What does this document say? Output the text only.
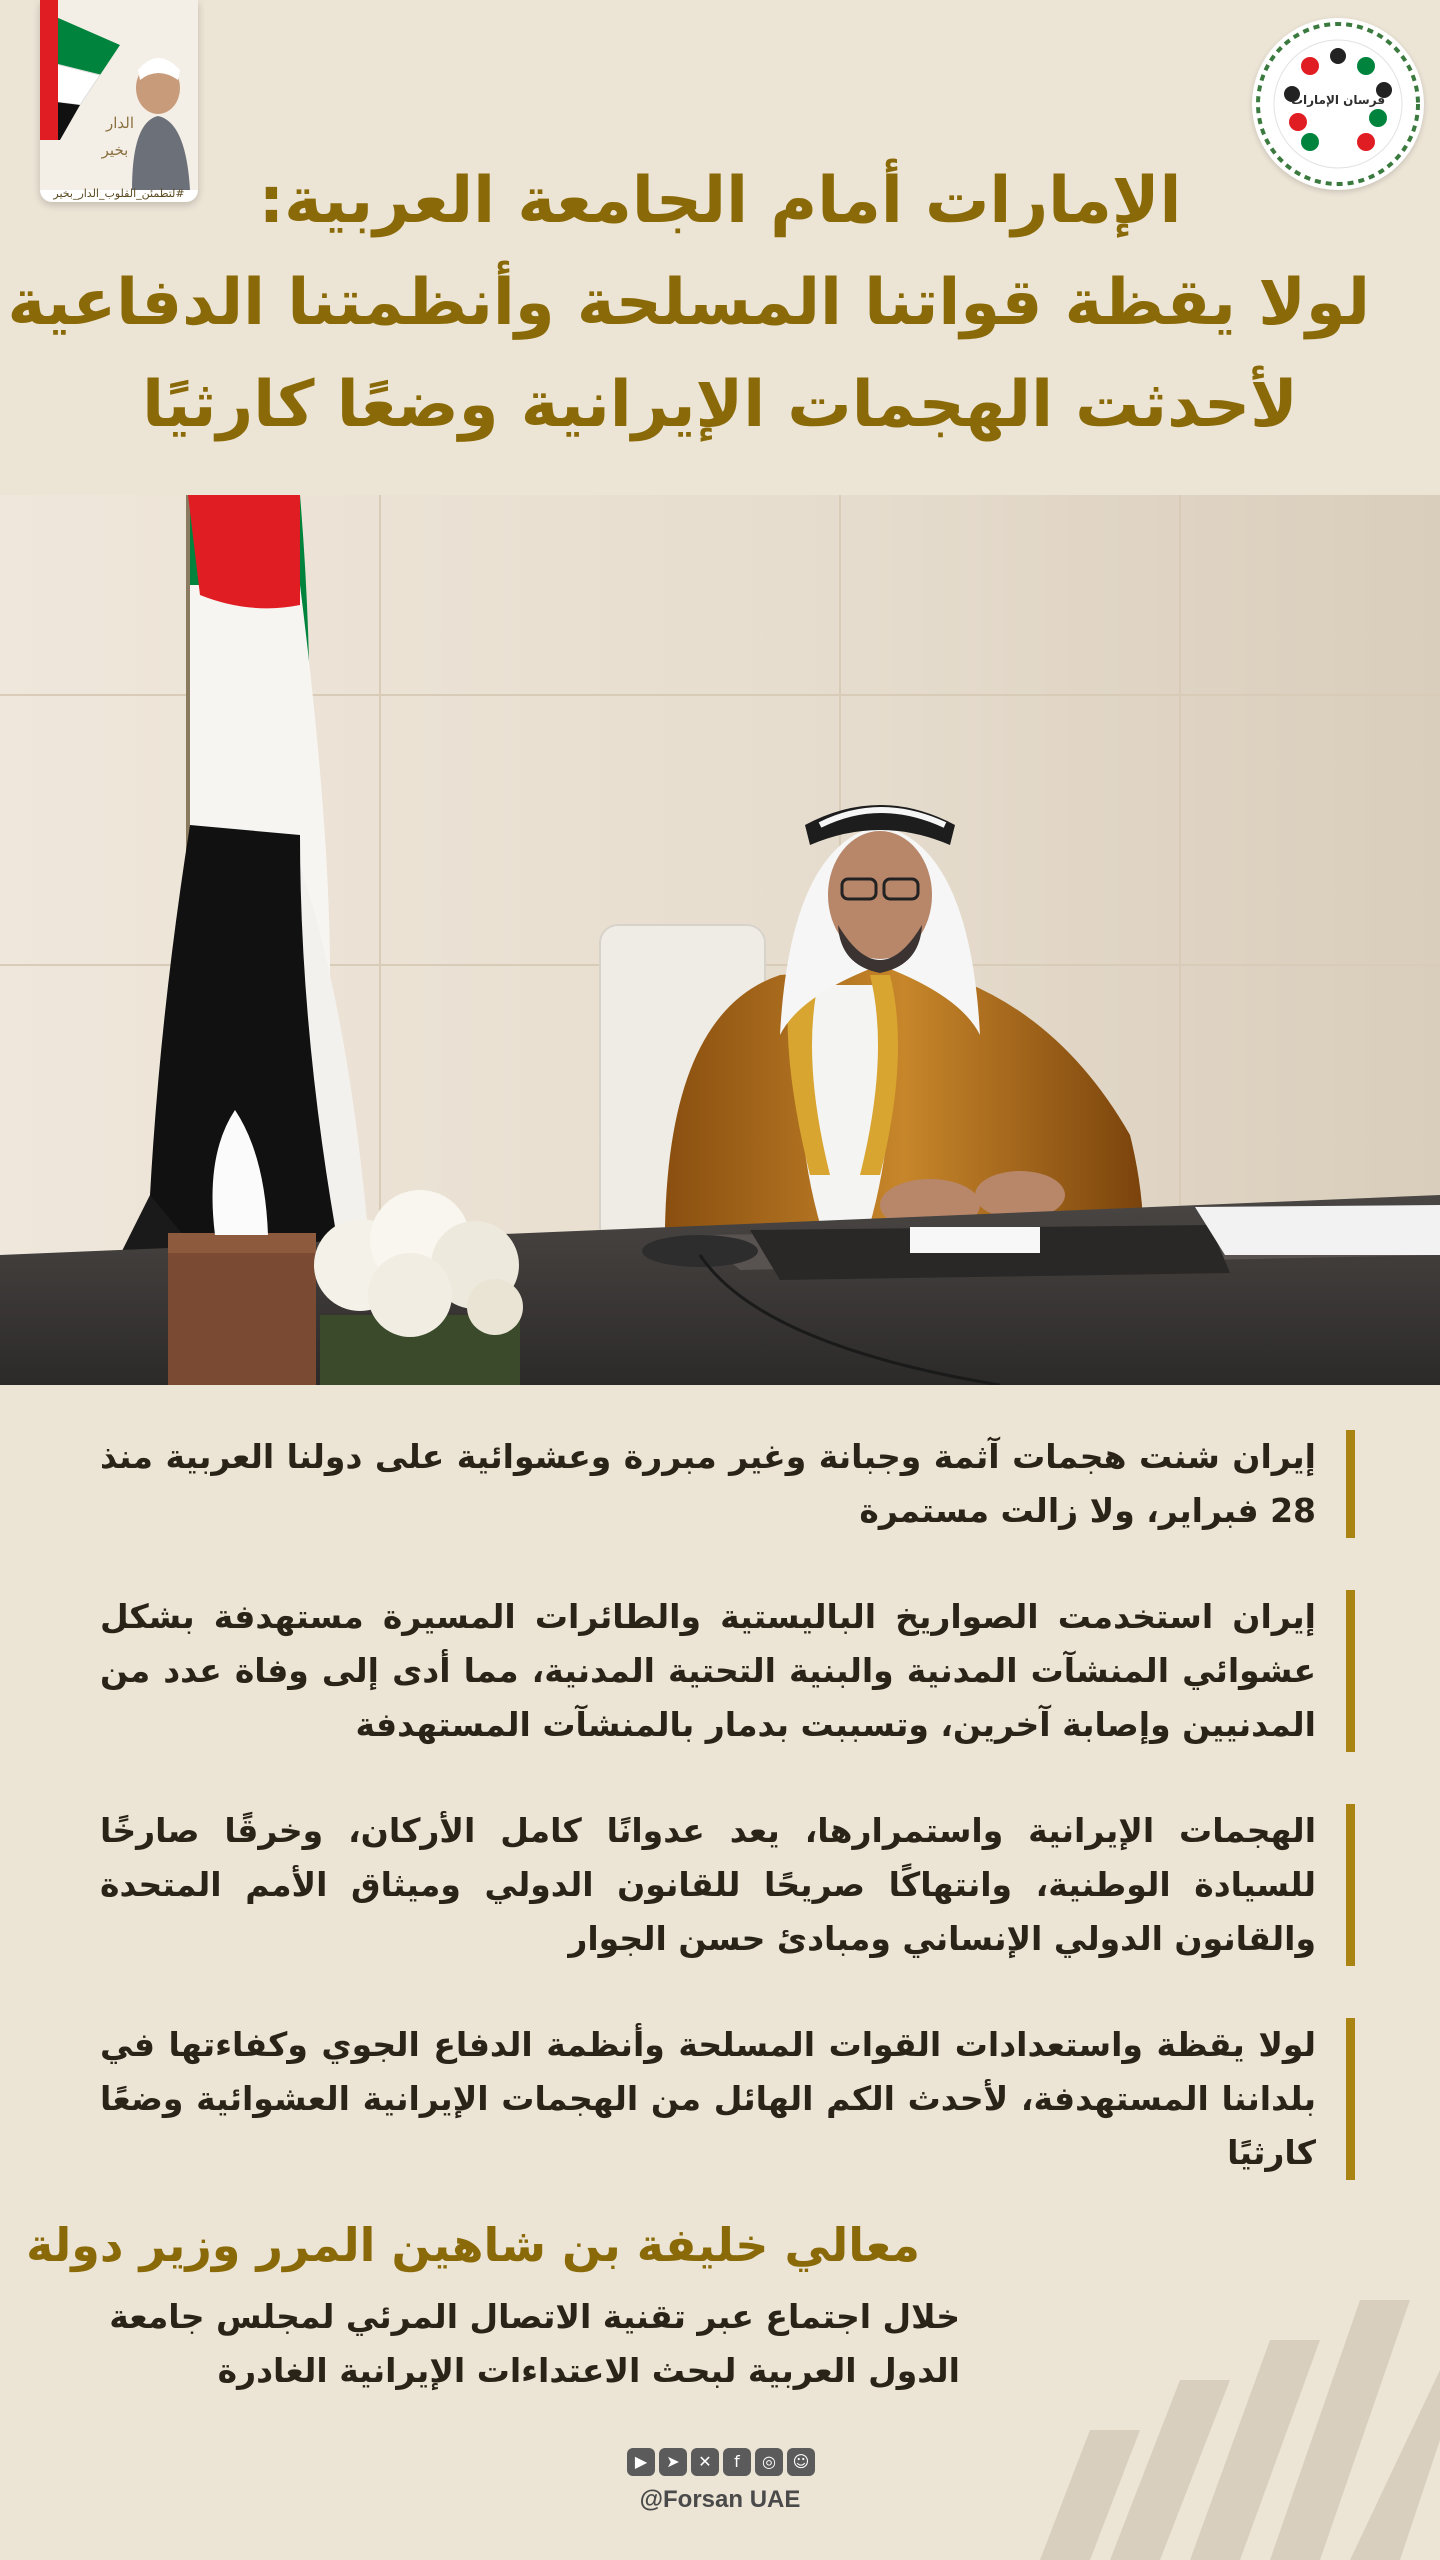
الدار
بخير
#لتطمئن_القلوب_الدار_بخير
فرسان الإمارات
الإمارات أمام الجامعة العربية:
لولا يقظة قواتنا المسلحة وأنظمتنا الدفاعية
لأحدثت الهجمات الإيرانية وضعًا كارثيًا
إيران شنت هجمات آثمة وجبانة وغير مبررة وعشوائية على دولنا العربية منذ 28 فبراير، ولا زالت مستمرة
إيران استخدمت الصواريخ الباليستية والطائرات المسيرة مستهدفة بشكل عشوائي المنشآت المدنية والبنية التحتية المدنية، مما أدى إلى وفاة عدد من المدنيين وإصابة آخرين، وتسببت بدمار بالمنشآت المستهدفة
الهجمات الإيرانية واستمرارها، يعد عدوانًا كامل الأركان، وخرقًا صارخًا للسيادة الوطنية، وانتهاكًا صريحًا للقانون الدولي وميثاق الأمم المتحدة والقانون الدولي الإنساني ومبادئ حسن الجوار
لولا يقظة واستعدادات القوات المسلحة وأنظمة الدفاع الجوي وكفاءتها في بلداننا المستهدفة، لأحدث الكم الهائل من الهجمات الإيرانية العشوائية وضعًا كارثيًا
معالي خليفة بن شاهين المرر وزير دولة
خلال اجتماع عبر تقنية الاتصال المرئي لمجلس جامعة الدول العربية لبحث الاعتداءات الإيرانية الغادرة
▶	➤	✕	f	◎	☺
@Forsan UAE
